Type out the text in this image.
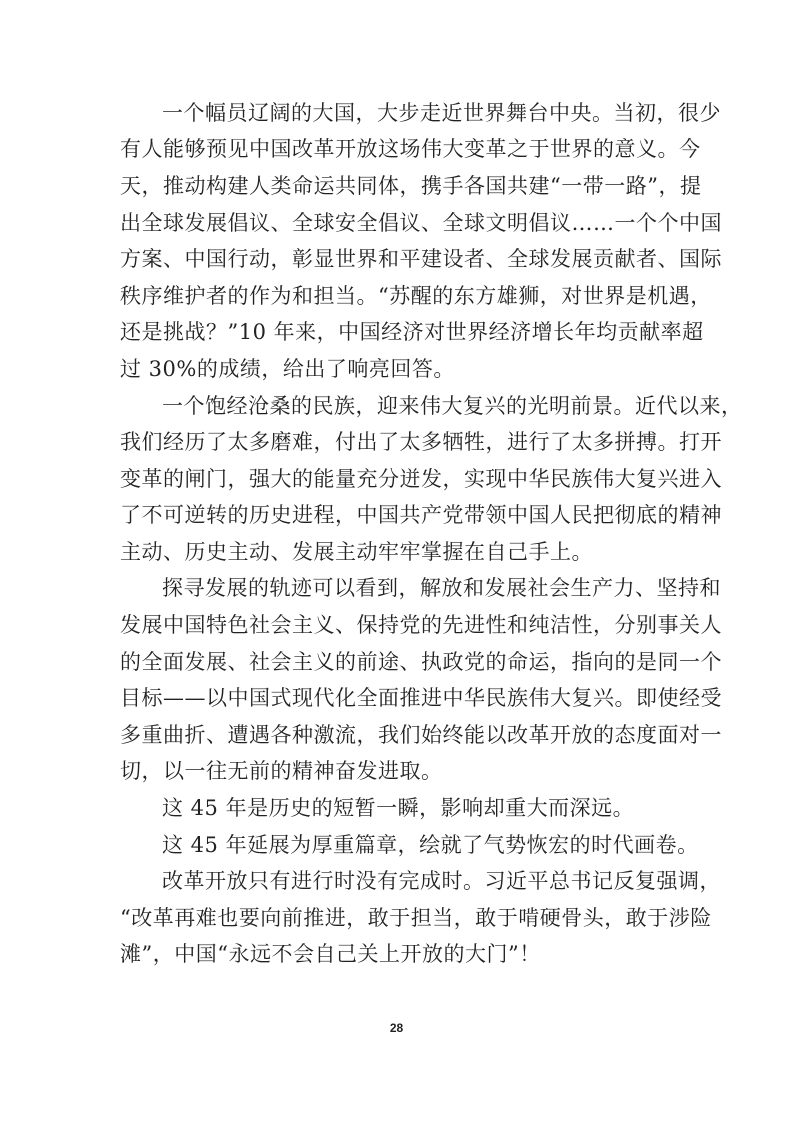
一个幅员辽阔的大国，大步走近世界舞台中央。当初，很少
有人能够预见中国改革开放这场伟大变革之于世界的意义。今
天，推动构建人类命运共同体，携手各国共建“一带一路”，提
出全球发展倡议、全球安全倡议、全球文明倡议……一个个中国
方案、中国行动，彰显世界和平建设者、全球发展贡献者、国际
秩序维护者的作为和担当。“苏醒的东方雄狮，对世界是机遇，
还是挑战？”10 年来，中国经济对世界经济增长年均贡献率超
过 30%的成绩，给出了响亮回答。
一个饱经沧桑的民族，迎来伟大复兴的光明前景。近代以来，
我们经历了太多磨难，付出了太多牺牲，进行了太多拼搏。打开
变革的闸门，强大的能量充分迸发，实现中华民族伟大复兴进入
了不可逆转的历史进程，中国共产党带领中国人民把彻底的精神
主动、历史主动、发展主动牢牢掌握在自己手上。
探寻发展的轨迹可以看到，解放和发展社会生产力、坚持和
发展中国特色社会主义、保持党的先进性和纯洁性，分别事关人
的全面发展、社会主义的前途、执政党的命运，指向的是同一个
目标——以中国式现代化全面推进中华民族伟大复兴。即使经受
多重曲折、遭遇各种激流，我们始终能以改革开放的态度面对一
切，以一往无前的精神奋发进取。
这 45 年是历史的短暂一瞬，影响却重大而深远。
这 45 年延展为厚重篇章，绘就了气势恢宏的时代画卷。
改革开放只有进行时没有完成时。习近平总书记反复强调，
“改革再难也要向前推进，敢于担当，敢于啃硬骨头，敢于涉险
滩”，中国“永远不会自己关上开放的大门”！
28
